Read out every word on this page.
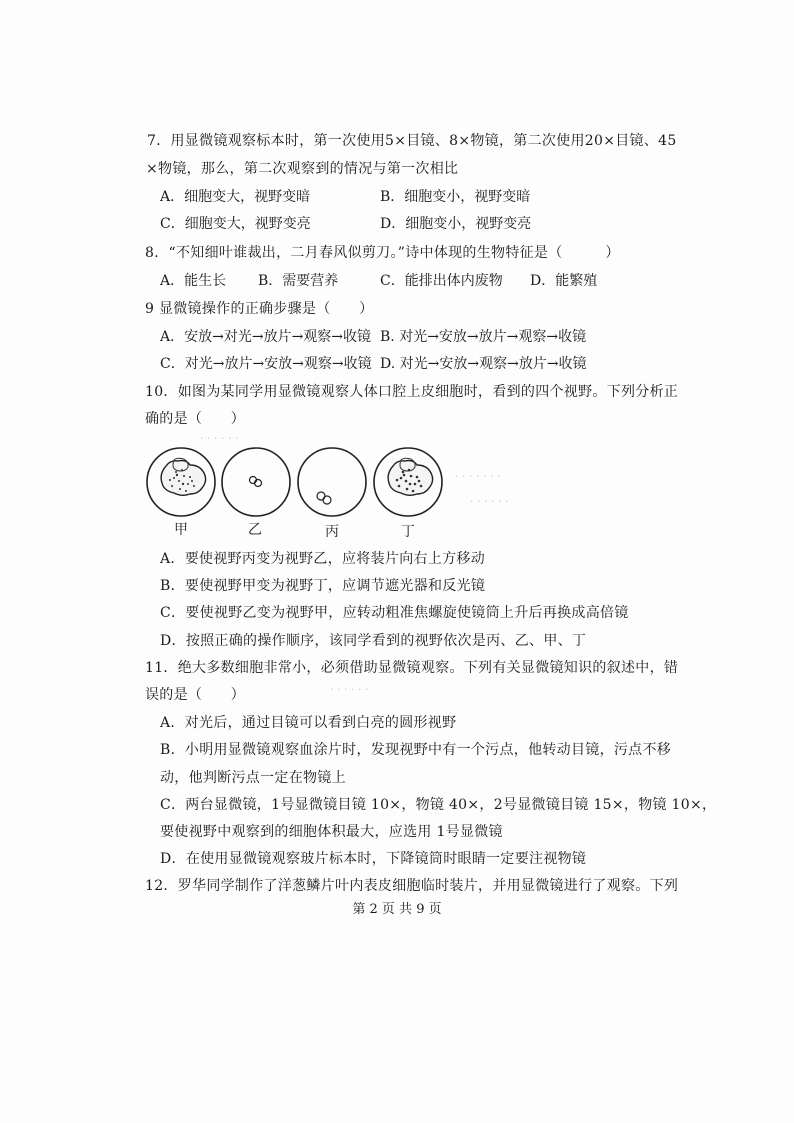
7．用显微镜观察标本时，第一次使用5×目镜、8×物镜，第二次使用20×目镜、45
×物镜，那么，第二次观察到的情况与第一次相比
A．细胞变大，视野变暗	B．细胞变小，视野变暗
C．细胞变大，视野变亮	D．细胞变小，视野变亮
8．“不知细叶谁裁出，二月春风似剪刀。”诗中体现的生物特征是（　　　）
A．能生长 B．需要营养	C．能排出体内废物 D．能繁殖
9 显微镜操作的正确步骤是（　　）
A．安放→对光→放片→观察→收镜 B. 对光→安放→放片→观察→收镜
C．对光→放片→安放→观察→收镜 D. 对光→安放→观察→放片→收镜
10．如图为某同学用显微镜观察人体口腔上皮细胞时，看到的四个视野。下列分析正
确的是（　　）
· · · · · ·
· · · · · · ·
· · · · · ·
甲	乙	丙	丁
A．要使视野丙变为视野乙，应将装片向右上方移动
B．要使视野甲变为视野丁，应调节遮光器和反光镜
C．要使视野乙变为视野甲，应转动粗准焦螺旋使镜筒上升后再换成高倍镜
D．按照正确的操作顺序，该同学看到的视野依次是丙、乙、甲、丁
11．绝大多数细胞非常小，必须借助显微镜观察。下列有关显微镜知识的叙述中，错
误的是（　　）	· · · · · ·
A．对光后，通过目镜可以看到白亮的圆形视野
B．小明用显微镜观察血涂片时，发现视野中有一个污点，他转动目镜，污点不移
动，他判断污点一定在物镜上
C．两台显微镜，1号显微镜目镜 10×，物镜 40×，2号显微镜目镜 15×，物镜 10×，
要使视野中观察到的细胞体积最大，应选用 1号显微镜
D．在使用显微镜观察玻片标本时，下降镜筒时眼睛一定要注视物镜
12．罗华同学制作了洋葱鳞片叶内表皮细胞临时装片，并用显微镜进行了观察。下列
第 2 页 共 9 页
